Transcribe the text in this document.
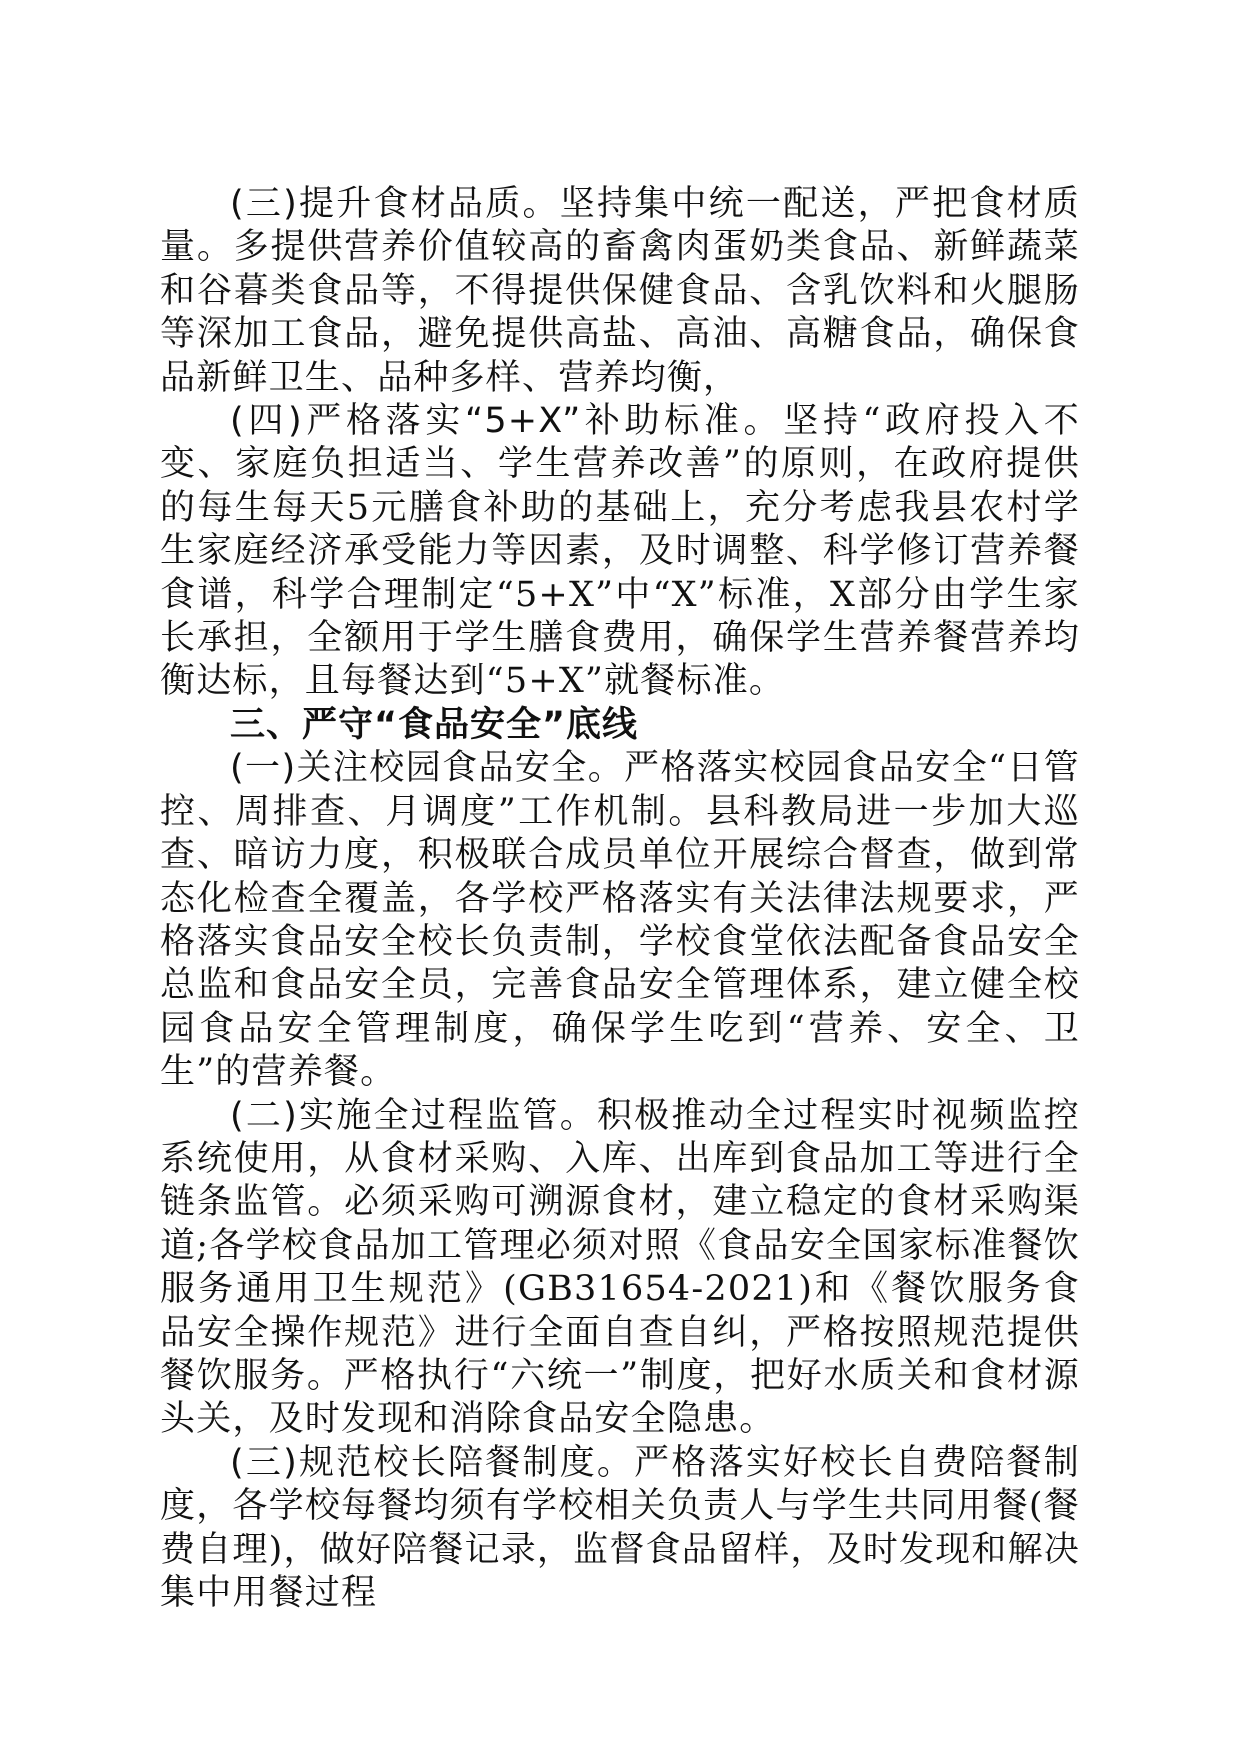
(三)提升食材品质。坚持集中统一配送，严把食材质量。多提供营养价值较高的畜禽肉蛋奶类食品、新鲜蔬菜和谷暮类食品等，不得提供保健食品、含乳饮料和火腿肠等深加工食品，避免提供高盐、高油、高糖食品，确保食品新鲜卫生、品种多样、营养均衡，

(四)严格落实“5+X”补助标准。坚持“政府投入不变、家庭负担适当、学生营养改善”的原则，在政府提供的每生每天5元膳食补助的基础上，充分考虑我县农村学生家庭经济承受能力等因素，及时调整、科学修订营养餐食谱，科学合理制定“5+X”中“X”标准，X部分由学生家长承担，全额用于学生膳食费用，确保学生营养餐营养均衡达标，且每餐达到“5+X”就餐标准。

三、严守“食品安全”底线

(一)关注校园食品安全。严格落实校园食品安全“日管控、周排查、月调度”工作机制。县科教局进一步加大巡查、暗访力度，积极联合成员单位开展综合督查，做到常态化检查全覆盖，各学校严格落实有关法律法规要求，严格落实食品安全校长负责制，学校食堂依法配备食品安全总监和食品安全员，完善食品安全管理体系，建立健全校园食品安全管理制度，确保学生吃到“营养、安全、卫生”的营养餐。

(二)实施全过程监管。积极推动全过程实时视频监控系统使用，从食材采购、入库、出库到食品加工等进行全链条监管。必须采购可溯源食材，建立稳定的食材采购渠道;各学校食品加工管理必须对照《食品安全国家标准餐饮服务通用卫生规范》(GB31654-2021)和《餐饮服务食品安全操作规范》进行全面自查自纠，严格按照规范提供餐饮服务。严格执行“六统一”制度，把好水质关和食材源头关，及时发现和消除食品安全隐患。

(三)规范校长陪餐制度。严格落实好校长自费陪餐制度，各学校每餐均须有学校相关负责人与学生共同用餐(餐费自理)，做好陪餐记录，监督食品留样，及时发现和解决集中用餐过程
